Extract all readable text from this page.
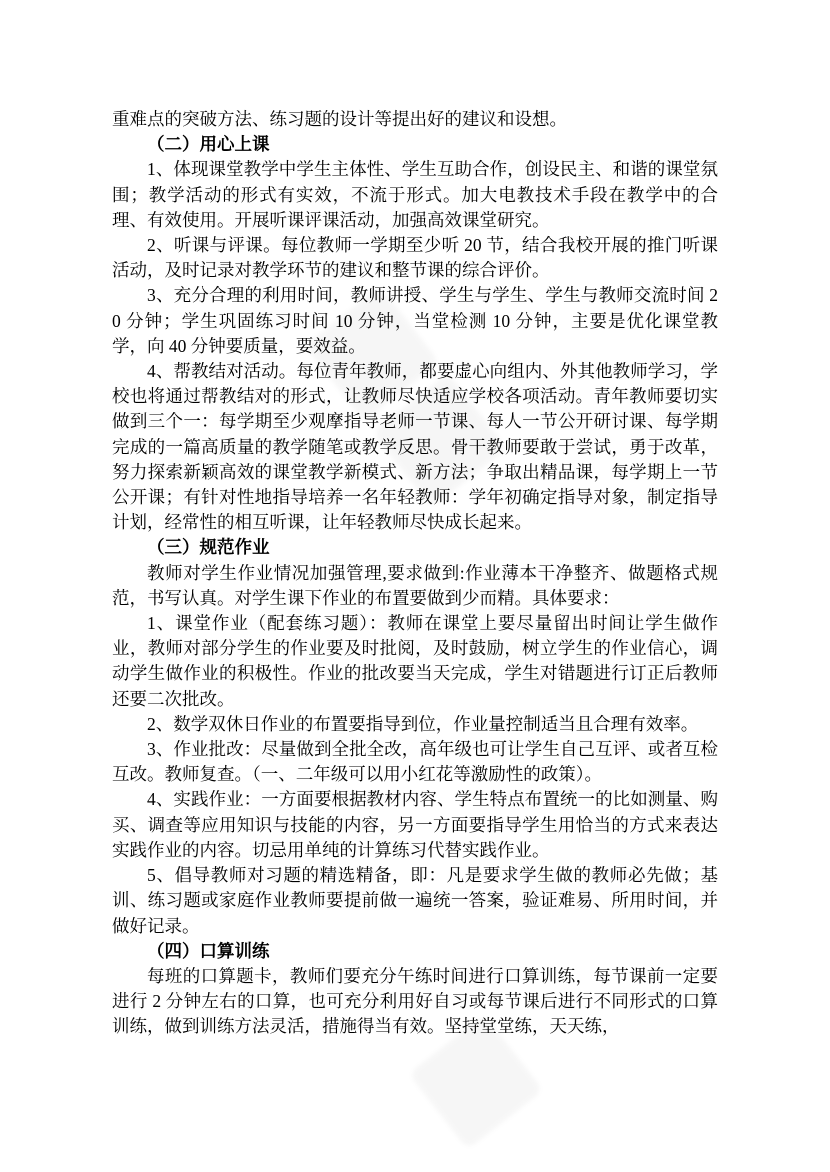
重难点的突破方法、练习题的设计等提出好的建议和设想。

（二）用心上课

1、体现课堂教学中学生主体性、学生互助合作，创设民主、和谐的课堂氛围；教学活动的形式有实效，不流于形式。加大电教技术手段在教学中的合理、有效使用。开展听课评课活动，加强高效课堂研究。

2、听课与评课。每位教师一学期至少听 20 节，结合我校开展的推门听课活动，及时记录对教学环节的建议和整节课的综合评价。

3、充分合理的利用时间，教师讲授、学生与学生、学生与教师交流时间 20 分钟；学生巩固练习时间 10 分钟，当堂检测 10 分钟，主要是优化课堂教学，向 40 分钟要质量，要效益。

4、帮教结对活动。每位青年教师，都要虚心向组内、外其他教师学习，学校也将通过帮教结对的形式，让教师尽快适应学校各项活动。青年教师要切实做到三个一：每学期至少观摩指导老师一节课、每人一节公开研讨课、每学期完成的一篇高质量的教学随笔或教学反思。骨干教师要敢于尝试，勇于改革，努力探索新颖高效的课堂教学新模式、新方法；争取出精品课，每学期上一节公开课；有针对性地指导培养一名年轻教师：学年初确定指导对象，制定指导计划，经常性的相互听课，让年轻教师尽快成长起来。

（三）规范作业

教师对学生作业情况加强管理,要求做到:作业薄本干净整齐、做题格式规范，书写认真。对学生课下作业的布置要做到少而精。具体要求：

1、课堂作业（配套练习题）：教师在课堂上要尽量留出时间让学生做作业，教师对部分学生的作业要及时批阅，及时鼓励，树立学生的作业信心，调动学生做作业的积极性。作业的批改要当天完成，学生对错题进行订正后教师还要二次批改。

2、数学双休日作业的布置要指导到位，作业量控制适当且合理有效率。

3、作业批改：尽量做到全批全改，高年级也可让学生自己互评、或者互检互改。教师复查。（一、二年级可以用小红花等激励性的政策）。

4、实践作业：一方面要根据教材内容、学生特点布置统一的比如测量、购买、调查等应用知识与技能的内容，另一方面要指导学生用恰当的方式来表达实践作业的内容。切忌用单纯的计算练习代替实践作业。

5、倡导教师对习题的精选精备，即：凡是要求学生做的教师必先做；基训、练习题或家庭作业教师要提前做一遍统一答案，验证难易、所用时间，并做好记录。

（四）口算训练

每班的口算题卡，教师们要充分午练时间进行口算训练，每节课前一定要进行 2 分钟左右的口算，也可充分利用好自习或每节课后进行不同形式的口算训练，做到训练方法灵活，措施得当有效。坚持堂堂练，天天练，
